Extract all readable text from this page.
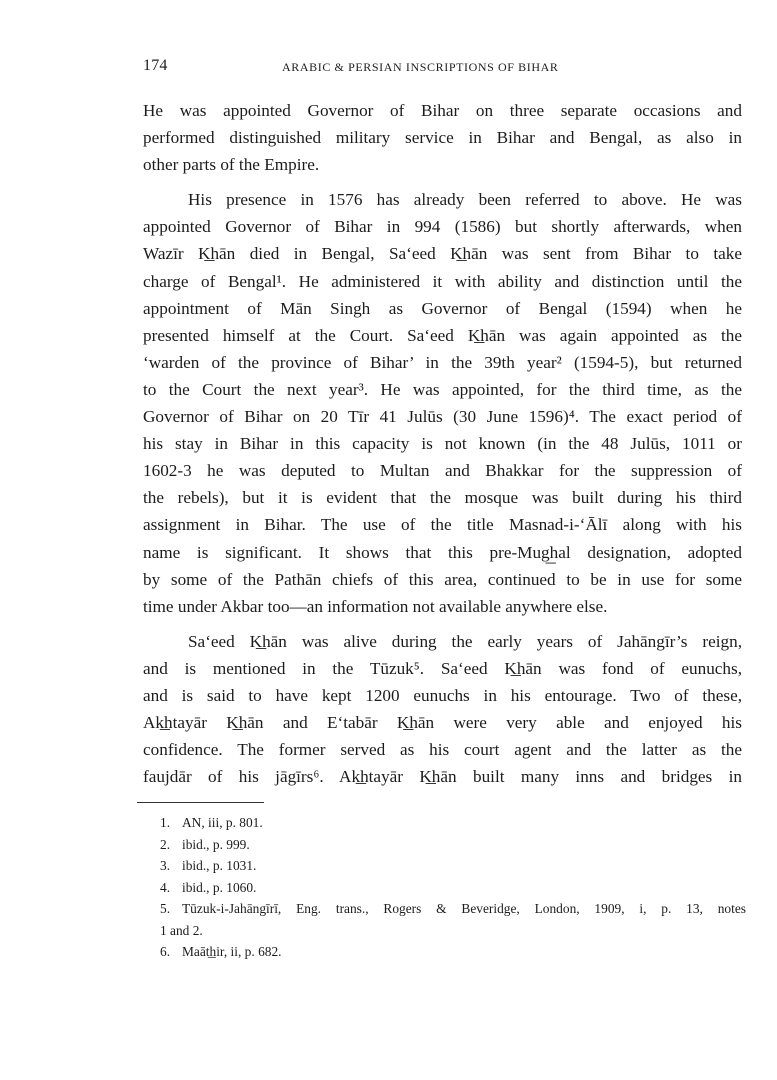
174	ARABIC & PERSIAN INSCRIPTIONS OF BIHAR

He was appointed Governor of Bihar on three separate occasions and
performed distinguished military service in Bihar and Bengal, as also in
other parts of the Empire.

His presence in 1576 has already been referred to above. He was
appointed Governor of Bihar in 994 (1586) but shortly afterwards, when
Wazīr K͟hān died in Bengal, Sa‘eed K͟hān was sent from Bihar to take
charge of Bengal¹. He administered it with ability and distinction until the
appointment of Mān Singh as Governor of Bengal (1594) when he
presented himself at the Court. Sa‘eed K͟hān was again appointed as the
‘warden of the province of Bihar’ in the 39th year² (1594-5), but returned
to the Court the next year³. He was appointed, for the third time, as the
Governor of Bihar on 20 Tīr 41 Julūs (30 June 1596)⁴. The exact period of
his stay in Bihar in this capacity is not known (in the 48 Julūs, 1011 or
1602-3 he was deputed to Multan and Bhakkar for the suppression of
the rebels), but it is evident that the mosque was built during his third
assignment in Bihar. The use of the title Masnad-i-‘Ālī along with his
name is significant. It shows that this pre-Mug͟hal designation, adopted
by some of the Pathān chiefs of this area, continued to be in use for some
time under Akbar too—an information not available anywhere else.

Sa‘eed K͟hān was alive during the early years of Jahāngīr’s reign,
and is mentioned in the Tūzuk⁵. Sa‘eed K͟hān was fond of eunuchs,
and is said to have kept 1200 eunuchs in his entourage. Two of these,
Ak͟htayār K͟hān and E‘tabār K͟hān were very able and enjoyed his
confidence. The former served as his court agent and the latter as the
faujdār of his jāgīrs⁶. Ak͟htayār K͟hān built many inns and bridges in

1. AN, iii, p. 801.
2. ibid., p. 999.
3. ibid., p. 1031.
4. ibid., p. 1060.
5. Tūzuk-i-Jahāngīrī, Eng. trans., Rogers & Beveridge, London, 1909, i, p. 13, notes
1 and 2.
6. Maāt͟hir, ii, p. 682.
